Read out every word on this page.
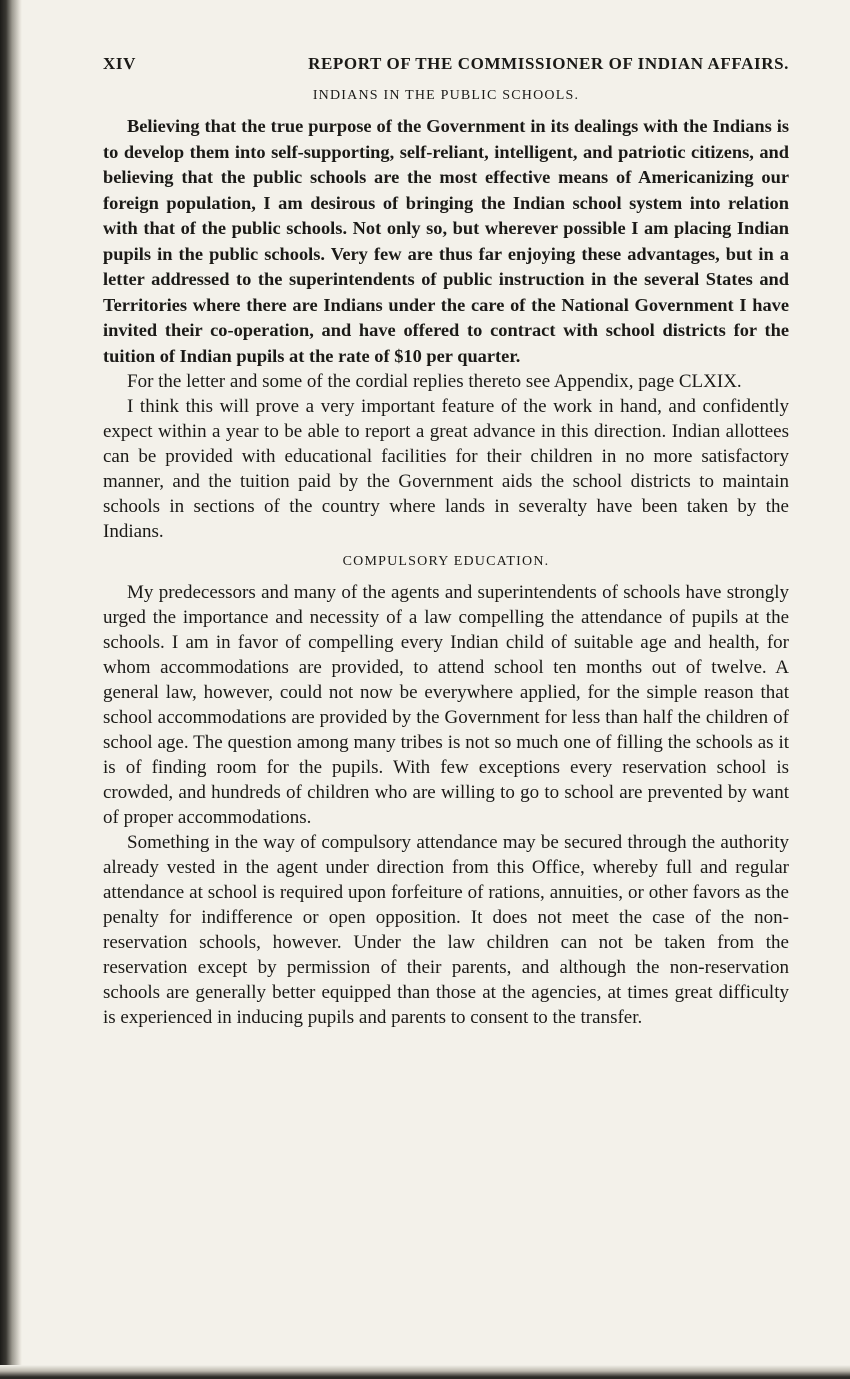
XIV	REPORT OF THE COMMISSIONER OF INDIAN AFFAIRS.
INDIANS IN THE PUBLIC SCHOOLS.

Believing that the true purpose of the Government in its dealings with the Indians is to develop them into self-supporting, self-reliant, intelligent, and patriotic citizens, and believing that the public schools are the most effective means of Americanizing our foreign population, I am desirous of bringing the Indian school system into relation with that of the public schools. Not only so, but wherever possible I am placing Indian pupils in the public schools. Very few are thus far enjoying these advantages, but in a letter addressed to the superintendents of public instruction in the several States and Territories where there are Indians under the care of the National Government I have invited their co-operation, and have offered to contract with school districts for the tuition of Indian pupils at the rate of $10 per quarter.

For the letter and some of the cordial replies thereto see Appendix, page CLXIX.

I think this will prove a very important feature of the work in hand, and confidently expect within a year to be able to report a great advance in this direction. Indian allottees can be provided with educational facilities for their children in no more satisfactory manner, and the tuition paid by the Government aids the school districts to maintain schools in sections of the country where lands in severalty have been taken by the Indians.

COMPULSORY EDUCATION.

My predecessors and many of the agents and superintendents of schools have strongly urged the importance and necessity of a law compelling the attendance of pupils at the schools. I am in favor of compelling every Indian child of suitable age and health, for whom accommodations are provided, to attend school ten months out of twelve. A general law, however, could not now be everywhere applied, for the simple reason that school accommodations are provided by the Government for less than half the children of school age. The question among many tribes is not so much one of filling the schools as it is of finding room for the pupils. With few exceptions every reservation school is crowded, and hundreds of children who are willing to go to school are prevented by want of proper accommodations.

Something in the way of compulsory attendance may be secured through the authority already vested in the agent under direction from this Office, whereby full and regular attendance at school is required upon forfeiture of rations, annuities, or other favors as the penalty for indifference or open opposition. It does not meet the case of the non-reservation schools, however. Under the law children can not be taken from the reservation except by permission of their parents, and although the non-reservation schools are generally better equipped than those at the agencies, at times great difficulty is experienced in inducing pupils and parents to consent to the transfer.
